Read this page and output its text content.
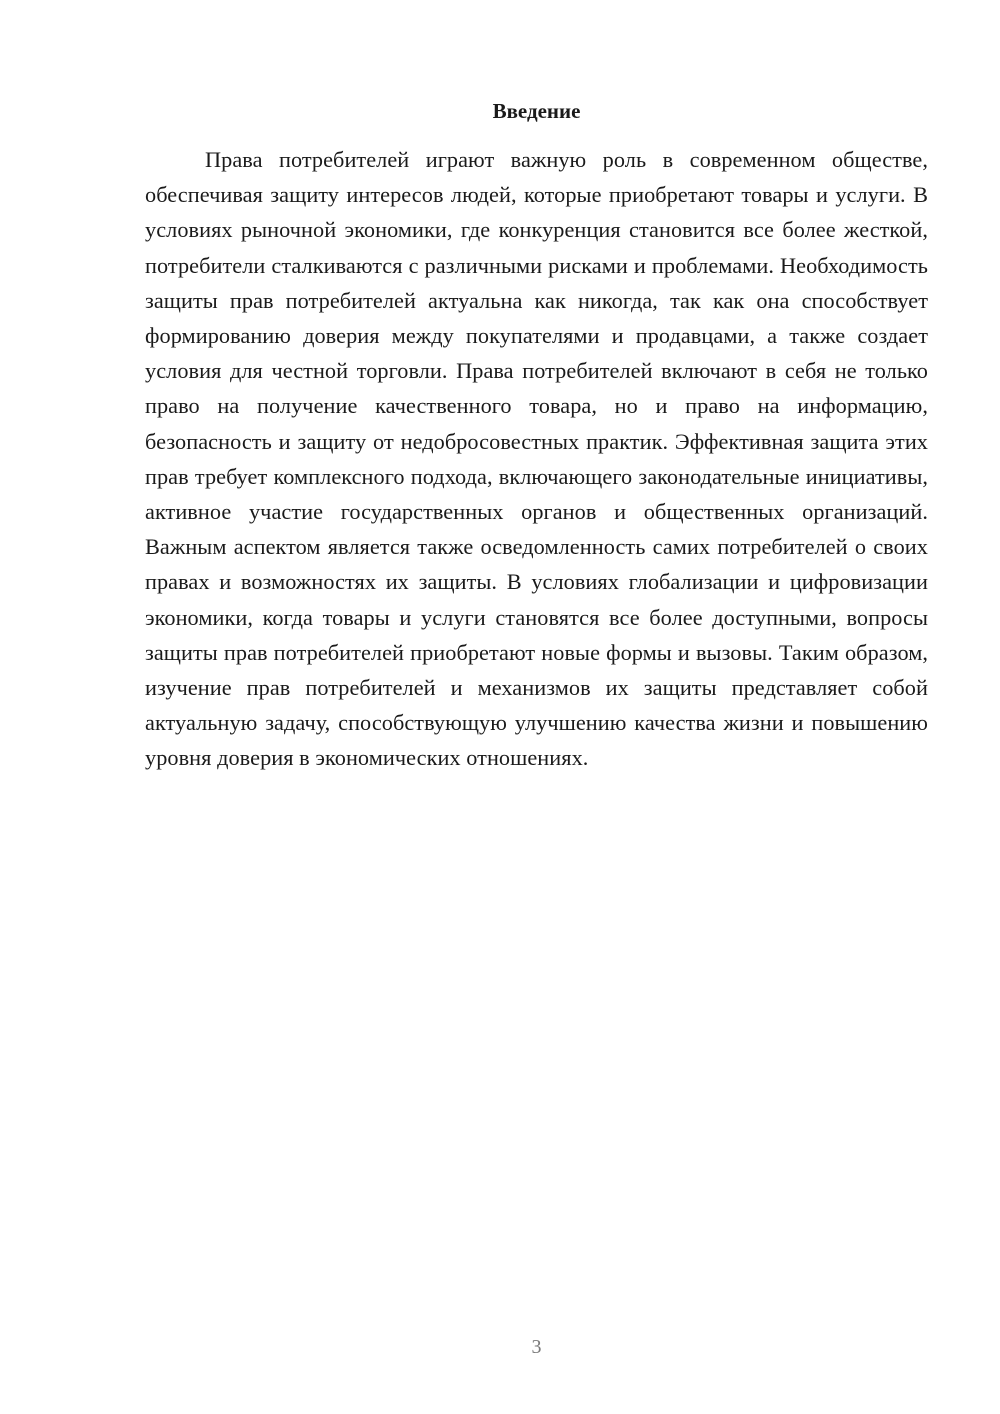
Введение

Права потребителей играют важную роль в современном обществе, обеспечивая защиту интересов людей, которые приобретают товары и услуги. В условиях рыночной экономики, где конкуренция становится все более жесткой, потребители сталкиваются с различными рисками и проблемами. Необходимость защиты прав потребителей актуальна как никогда, так как она способствует формированию доверия между покупателями и продавцами, а также создает условия для честной торговли. Права потребителей включают в себя не только право на получение качественного товара, но и право на информацию, безопасность и защиту от недобросовестных практик. Эффективная защита этих прав требует комплексного подхода, включающего законодательные инициативы, активное участие государственных органов и общественных организаций. Важным аспектом является также осведомленность самих потребителей о своих правах и возможностях их защиты. В условиях глобализации и цифровизации экономики, когда товары и услуги становятся все более доступными, вопросы защиты прав потребителей приобретают новые формы и вызовы. Таким образом, изучение прав потребителей и механизмов их защиты представляет собой актуальную задачу, способствующую улучшению качества жизни и повышению уровня доверия в экономических отношениях.

3
